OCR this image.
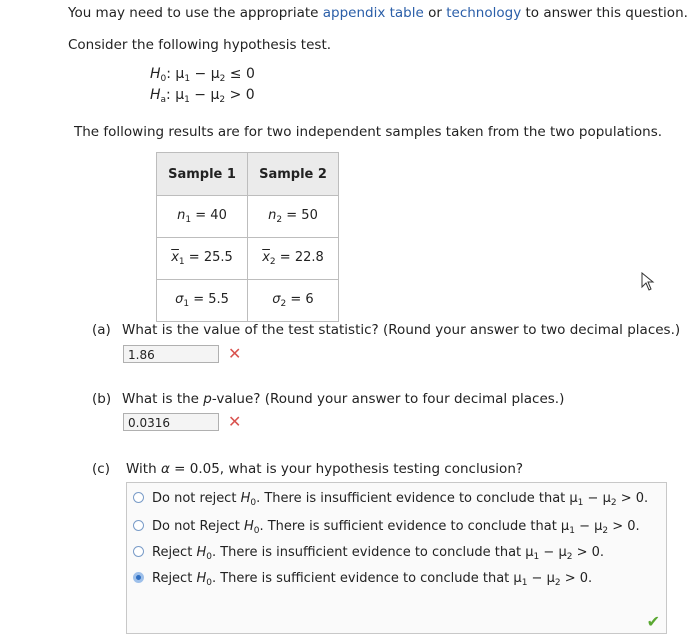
You may need to use the appropriate appendix table or technology to answer this question.
Consider the following hypothesis test.
$H_0$: $\mu_1 - \mu_2 \le 0$
$H_a$: $\mu_1 - \mu_2 > 0$
The following results are for two independent samples taken from the two populations.
Sample 1	Sample 2
$n_1 = 40$	$n_2 = 50$
$\overline{x}_1 = 25.5$	$\overline{x}_2 = 22.8$
$\sigma_1 = 5.5$	$\sigma_2 = 6$
(a) What is the value of the test statistic? (Round your answer to two decimal places.)
1.86	✕
(b) What is the p-value? (Round your answer to four decimal places.)
0.0316	✕
(c) With α = 0.05, what is your hypothesis testing conclusion?
Do not reject $H_0$. There is insufficient evidence to conclude that $\mu_1 - \mu_2 > 0$.
Do not Reject $H_0$. There is sufficient evidence to conclude that $\mu_1 - \mu_2 > 0$.
Reject $H_0$. There is insufficient evidence to conclude that $\mu_1 - \mu_2 > 0$.
Reject $H_0$. There is sufficient evidence to conclude that $\mu_1 - \mu_2 > 0$.
✔
